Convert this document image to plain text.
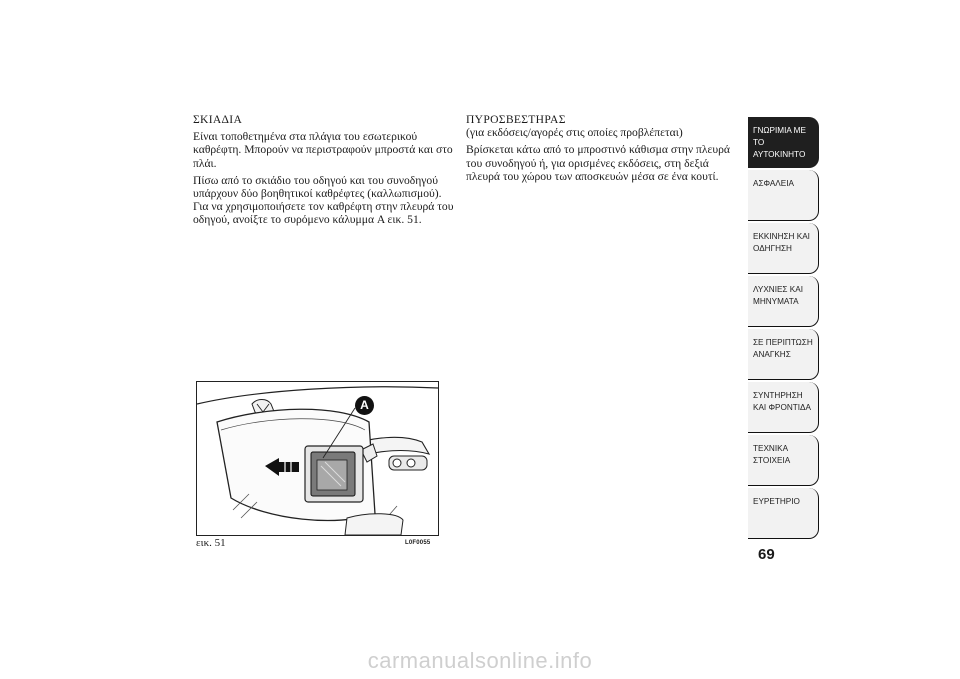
ΣΚΙΑΔΙΑ

Είναι τοποθετημένα στα πλάγια του εσωτερικού καθρέφτη. Μπορούν να περιστραφούν μπροστά και στο πλάι.

Πίσω από το σκιάδιο του οδηγού και του συνοδηγού υπάρχουν δύο βοηθητικοί καθρέφτες (καλλωπισμού). Για να χρησιμοποιήσετε τον καθρέφτη στην πλευρά του οδηγού, ανοίξτε το συρόμενο κάλυμμα A εικ. 51.

ΠΥΡΟΣΒΕΣΤΗΡΑΣ

(για εκδόσεις/αγορές στις οποίες προβλέπεται)

Βρίσκεται κάτω από το μπροστινό κάθισμα στην πλευρά του συνοδηγού ή, για ορισμένες εκδόσεις, στη δεξιά πλευρά του χώρου των αποσκευών μέσα σε ένα κουτί.

A
εικ. 51	L0F0055
ΓΝΩΡΙΜΙΑ ΜΕ ΤΟ ΑΥΤΟΚΙΝΗΤΟ
ΑΣΦΑΛΕΙΑ
ΕΚΚΙΝΗΣΗ ΚΑΙ ΟΔΗΓΗΣΗ
ΛΥΧΝΙΕΣ ΚΑΙ ΜΗΝΥΜΑΤΑ
ΣΕ ΠΕΡΙΠΤΩΣΗ ΑΝΑΓΚΗΣ
ΣΥΝΤΗΡΗΣΗ ΚΑΙ ΦΡΟΝΤΙΔΑ
ΤΕΧΝΙΚΑ ΣΤΟΙΧΕΙΑ
ΕΥΡΕΤΗΡΙΟ
69
carmanualsonline.info
